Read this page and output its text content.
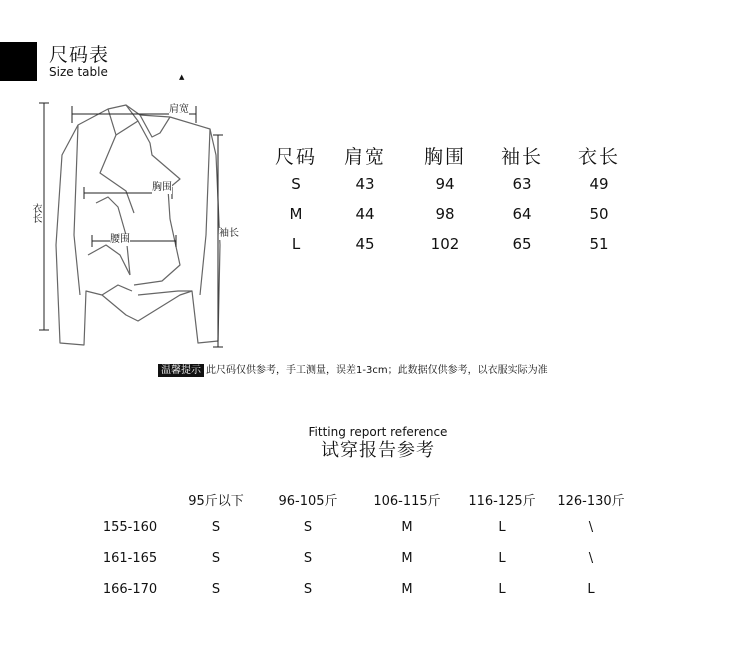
尺码表
Size table	▲
肩宽
胸围
腰围
衣长
袖长
尺码	肩宽	胸围	袖长	衣长
S	43	94	63	49
M	44	98	64	50
L	45	102	65	51
温馨提示 此尺码仅供参考，手工测量，误差1-3cm；此数据仅供参考，以衣服实际为准
Fitting report reference
试穿报告参考
	95斤以下	96-105斤	106-115斤	116-125斤	126-130斤
155-160	S	S	M	L	\
161-165	S	S	M	L	\
166-170	S	S	M	L	L
